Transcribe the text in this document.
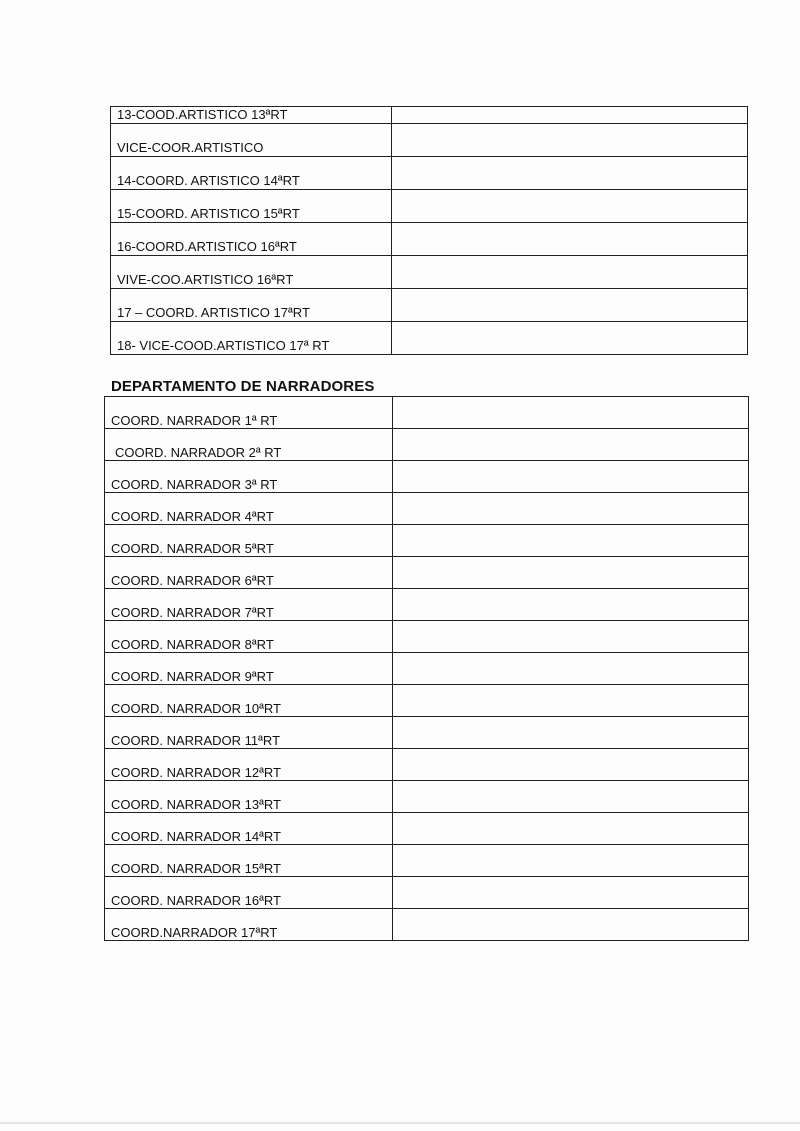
13-COOD.ARTISTICO 13ªRT	
VICE-COOR.ARTISTICO	
14-COORD. ARTISTICO 14ªRT	
15-COORD. ARTISTICO 15ªRT	
16-COORD.ARTISTICO 16ªRT	
VIVE-COO.ARTISTICO 16ªRT	
17 – COORD. ARTISTICO 17ªRT	
18- VICE-COOD.ARTISTICO 17ª RT	
DEPARTAMENTO DE NARRADORES
COORD. NARRADOR 1ª RT	
COORD. NARRADOR 2ª RT	
COORD. NARRADOR 3ª RT	
COORD. NARRADOR 4ªRT	
COORD. NARRADOR 5ªRT	
COORD. NARRADOR 6ªRT	
COORD. NARRADOR 7ªRT	
COORD. NARRADOR 8ªRT	
COORD. NARRADOR 9ªRT	
COORD. NARRADOR 10ªRT	
COORD. NARRADOR 11ªRT	
COORD. NARRADOR 12ªRT	
COORD. NARRADOR 13ªRT	
COORD. NARRADOR 14ªRT	
COORD. NARRADOR 15ªRT	
COORD. NARRADOR 16ªRT	
COORD.NARRADOR 17ªRT	
